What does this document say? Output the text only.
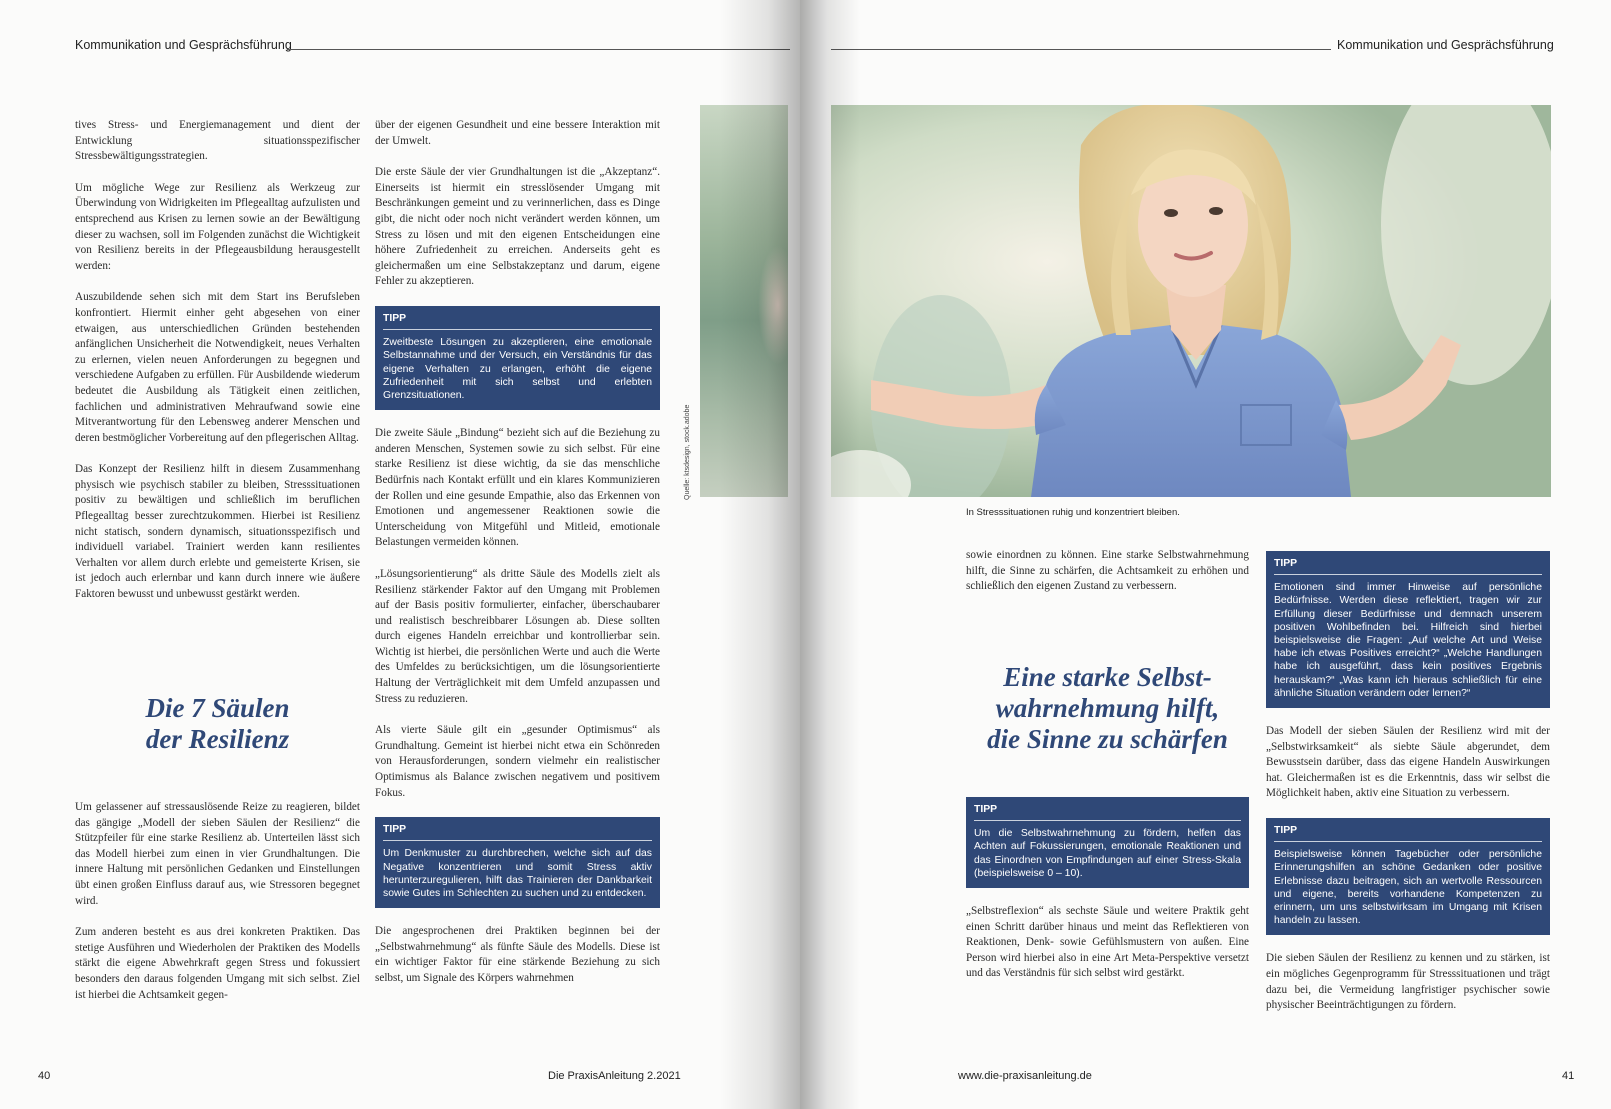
Kommunikation und Gesprächsführung

tives Stress- und Energiemanagement und dient der Entwicklung situationsspezifischer Stressbewältigungsstrategien.

Um mögliche Wege zur Resilienz als Werkzeug zur Überwindung von Widrigkeiten im Pflegealltag aufzulisten und entsprechend aus Krisen zu lernen sowie an der Bewältigung dieser zu wachsen, soll im Folgenden zunächst die Wichtigkeit von Resilienz bereits in der Pflegeausbildung herausgestellt werden:

Auszubildende sehen sich mit dem Start ins Berufsleben konfrontiert. Hiermit einher geht abgesehen von einer etwaigen, aus unterschiedlichen Gründen bestehenden anfänglichen Unsicherheit die Notwendigkeit, neues Verhalten zu erlernen, vielen neuen Anforderungen zu begegnen und verschiedene Aufgaben zu erfüllen. Für Ausbildende wiederum bedeutet die Ausbildung als Tätigkeit einen zeitlichen, fachlichen und administrativen Mehraufwand sowie eine Mitverantwortung für den Lebensweg anderer Menschen und deren bestmöglicher Vorbereitung auf den pflegerischen Alltag.

Das Konzept der Resilienz hilft in diesem Zusammenhang physisch wie psychisch stabiler zu bleiben, Stresssituationen positiv zu bewältigen und schließlich im beruflichen Pflegealltag besser zurechtzukommen. Hierbei ist Resilienz nicht statisch, sondern dynamisch, situationsspezifisch und individuell variabel. Trainiert werden kann resilientes Verhalten vor allem durch erlebte und gemeisterte Krisen, sie ist jedoch auch erlernbar und kann durch innere wie äußere Faktoren bewusst und unbewusst gestärkt werden.

Die 7 Säulen
der Resilienz

Um gelassener auf stressauslösende Reize zu reagieren, bildet das gängige „Modell der sieben Säulen der Resilienz“ die Stützpfeiler für eine starke Resilienz ab. Unterteilen lässt sich das Modell hierbei zum einen in vier Grundhaltungen. Die innere Haltung mit persönlichen Gedanken und Einstellungen übt einen großen Einfluss darauf aus, wie Stressoren begegnet wird.

Zum anderen besteht es aus drei konkreten Praktiken. Das stetige Ausführen und Wiederholen der Praktiken des Modells stärkt die eigene Abwehrkraft gegen Stress und fokussiert besonders den daraus folgenden Umgang mit sich selbst. Ziel ist hierbei die Achtsamkeit gegen-

über der eigenen Gesundheit und eine bessere Interaktion mit der Umwelt.

Die erste Säule der vier Grundhaltungen ist die „Akzeptanz“. Einerseits ist hiermit ein stresslösender Umgang mit Beschränkungen gemeint und zu verinnerlichen, dass es Dinge gibt, die nicht oder noch nicht verändert werden können, um Stress zu lösen und mit den eigenen Entscheidungen eine höhere Zufriedenheit zu erreichen. Anderseits geht es gleichermaßen um eine Selbstakzeptanz und darum, eigene Fehler zu akzeptieren.

TIPP
Zweitbeste Lösungen zu akzeptieren, eine emotionale Selbstannahme und der Versuch, ein Verständnis für das eigene Verhalten zu erlangen, erhöht die eigene Zufriedenheit mit sich selbst und erlebten Grenzsituationen.

Die zweite Säule „Bindung“ bezieht sich auf die Beziehung zu anderen Menschen, Systemen sowie zu sich selbst. Für eine starke Resilienz ist diese wichtig, da sie das menschliche Bedürfnis nach Kontakt erfüllt und ein klares Kommunizieren der Rollen und eine gesunde Empathie, also das Erkennen von Emotionen und angemessener Reaktionen sowie die Unterscheidung von Mitgefühl und Mitleid, emotionale Belastungen vermeiden können.

„Lösungsorientierung“ als dritte Säule des Modells zielt als Resilienz stärkender Faktor auf den Umgang mit Problemen auf der Basis positiv formulierter, einfacher, überschaubarer und realistisch beschreibbarer Lösungen ab. Diese sollten durch eigenes Handeln erreichbar und kontrollierbar sein. Wichtig ist hierbei, die persönlichen Werte und auch die Werte des Umfeldes zu berücksichtigen, um die lösungsorientierte Haltung der Verträglichkeit mit dem Umfeld anzupassen und Stress zu reduzieren.

Als vierte Säule gilt ein „gesunder Optimismus“ als Grundhaltung. Gemeint ist hierbei nicht etwa ein Schönreden von Herausforderungen, sondern vielmehr ein realistischer Optimismus als Balance zwischen negativem und positivem Fokus.

TIPP
Um Denkmuster zu durchbrechen, welche sich auf das Negative konzentrieren und somit Stress aktiv herunterzuregulieren, hilft das Trainieren der Dankbarkeit sowie Gutes im Schlechten zu suchen und zu entdecken.

Die angesprochenen drei Praktiken beginnen bei der „Selbstwahrnehmung“ als fünfte Säule des Modells. Diese ist ein wichtiger Faktor für eine stärkende Beziehung zu sich selbst, um Signale des Körpers wahrnehmen

Quelle: ktsdesign, stock.adobe
40	Die PraxisAnleitung 2.2021
Kommunikation und Gesprächsführung
In Stresssituationen ruhig und konzentriert bleiben.

sowie einordnen zu können. Eine starke Selbstwahrnehmung hilft, die Sinne zu schärfen, die Achtsamkeit zu erhöhen und schließlich den eigenen Zustand zu verbessern.

Eine starke Selbst-
wahrnehmung hilft,
die Sinne zu schärfen
TIPP
Um die Selbstwahrnehmung zu fördern, helfen das Achten auf Fokussierungen, emotionale Reaktionen und das Einordnen von Empfindungen auf einer Stress-Skala (beispielsweise 0 – 10).

„Selbstreflexion“ als sechste Säule und weitere Praktik geht einen Schritt darüber hinaus und meint das Reflektieren von Reaktionen, Denk- sowie Gefühlsmustern von außen. Eine Person wird hierbei also in eine Art Meta-Perspektive versetzt und das Verständnis für sich selbst wird gestärkt.

TIPP
Emotionen sind immer Hinweise auf persönliche Bedürfnisse. Werden diese reflektiert, tragen wir zur Erfüllung dieser Bedürfnisse und demnach unserem positiven Wohlbefinden bei. Hilfreich sind hierbei beispielsweise die Fragen: „Auf welche Art und Weise habe ich etwas Positives erreicht?“ „Welche Handlungen habe ich ausgeführt, dass kein positives Ergebnis herauskam?“ „Was kann ich hieraus schließlich für eine ähnliche Situation verändern oder lernen?“

Das Modell der sieben Säulen der Resilienz wird mit der „Selbstwirksamkeit“ als siebte Säule abgerundet, dem Bewusstsein darüber, dass das eigene Handeln Auswirkungen hat. Gleichermaßen ist es die Erkenntnis, dass wir selbst die Möglichkeit haben, aktiv eine Situation zu verbessern.

TIPP
Beispielsweise können Tagebücher oder persönliche Erinnerungshilfen an schöne Gedanken oder positive Erlebnisse dazu beitragen, sich an wertvolle Ressourcen und eigene, bereits vorhandene Kompetenzen zu erinnern, um uns selbstwirksam im Umgang mit Krisen handeln zu lassen.

Die sieben Säulen der Resilienz zu kennen und zu stärken, ist ein mögliches Gegenprogramm für Stresssituationen und trägt dazu bei, die Vermeidung langfristiger psychischer sowie physischer Beeinträchtigungen zu fördern.

www.die-praxisanleitung.de	41
